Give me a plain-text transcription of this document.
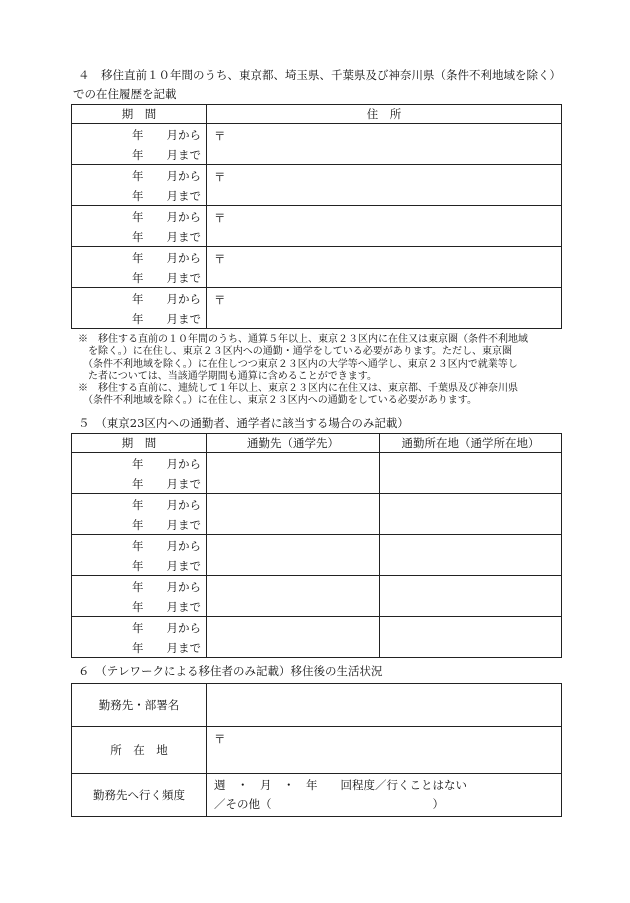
４　移住直前１０年間のうち、東京都、埼玉県、千葉県及び神奈川県（条件不利地域を除く）
での在住履歴を記載
期　間	住　所

年　　月から
年　　月まで	〒

年　　月から
年　　月まで	〒

年　　月から
年　　月まで	〒

年　　月から
年　　月まで	〒

年　　月から
年　　月まで	〒
※　移住する直前の１０年間のうち、通算５年以上、東京２３区内に在住又は東京圏（条件不利地域
　を除く。）に在住し、東京２３区内への通勤・通学をしている必要があります。ただし、東京圏
　（条件不利地域を除く。）に在住しつつ東京２３区内の大学等へ通学し、東京２３区内で就業等し
　た者については、当該通学期間も通算に含めることができます。
※　移住する直前に、連続して１年以上、東京２３区内に在住又は、東京都、千葉県及び神奈川県
　（条件不利地域を除く。）に在住し、東京２３区内への通勤をしている必要があります。
５　（東京23区内への通勤者、通学者に該当する場合のみ記載）
期　間	通勤先（通学先）	通勤所在地（通学所在地）

年　　月から
年　　月まで		

年　　月から
年　　月まで		

年　　月から
年　　月まで		

年　　月から
年　　月まで		

年　　月から
年　　月まで		

６　（テレワークによる移住者のみ記載）移住後の生活状況
勤務先・部署名	
所　在　地	〒
勤務先へ行く頻度	週　・　月　・　年　　回程度／行くことはない
／その他（　　　　　　　　　　　　　　）
